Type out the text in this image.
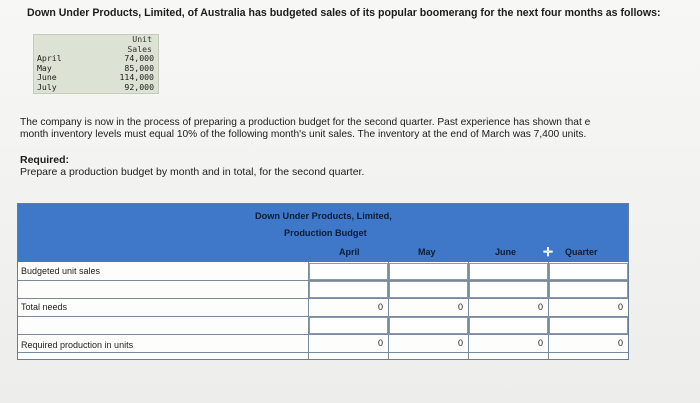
Down Under Products, Limited, of Australia has budgeted sales of its popular boomerang for the next four months as follows:
Unit
Sales
April	74,000
May	85,000
June	114,000
July	92,000
The company is now in the process of preparing a production budget for the second quarter. Past experience has shown that e
month inventory levels must equal 10% of the following month's unit sales. The inventory at the end of March was 7,400 units.
Required:
Prepare a production budget by month and in total, for the second quarter.
Down Under Products, Limited,
Production Budget
April	May	June ✛ Quarter
Budgeted unit sales
Total needs	0	0	0	0
Required production in units	0	0	0	0
